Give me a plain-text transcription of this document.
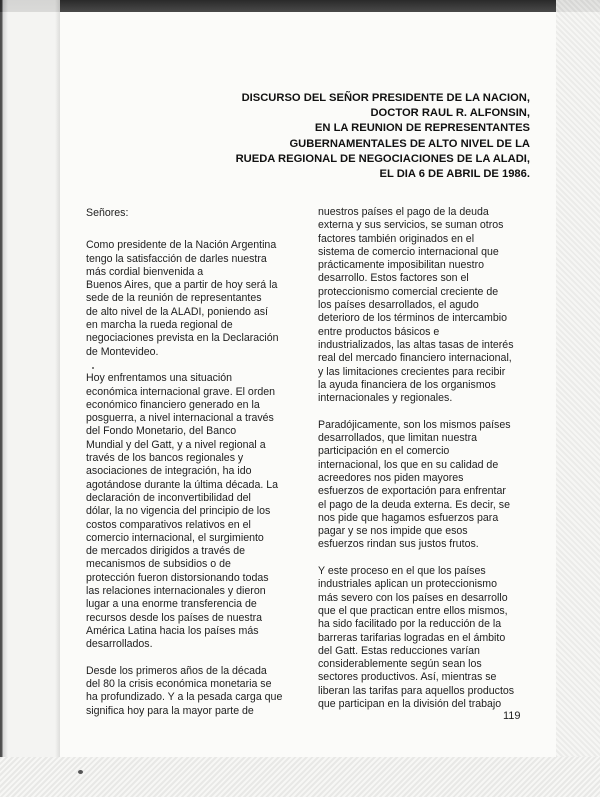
DISCURSO DEL SEÑOR PRESIDENTE DE LA NACION,
DOCTOR RAUL R. ALFONSIN,
EN LA REUNION DE REPRESENTANTES
GUBERNAMENTALES DE ALTO NIVEL DE LA
RUEDA REGIONAL DE NEGOCIACIONES DE LA ALADI,
EL DIA 6 DE ABRIL DE 1986.

Señores:

Como presidente de la Nación Argentina
tengo la satisfacción de darles nuestra
más cordial bienvenida a
Buenos Aires, que a partir de hoy será la
sede de la reunión de representantes
de alto nivel de la ALADI, poniendo así
en marcha la rueda regional de
negociaciones prevista en la Declaración
de Montevideo.

Hoy enfrentamos una situación
económica internacional grave. El orden
económico financiero generado en la
posguerra, a nivel internacional a través
del Fondo Monetario, del Banco
Mundial y del Gatt, y a nivel regional a
través de los bancos regionales y
asociaciones de integración, ha ido
agotándose durante la última década. La
declaración de inconvertibilidad del
dólar, la no vigencia del principio de los
costos comparativos relativos en el
comercio internacional, el surgimiento
de mercados dirigidos a través de
mecanismos de subsidios o de
protección fueron distorsionando todas
las relaciones internacionales y dieron
lugar a una enorme transferencia de
recursos desde los países de nuestra
América Latina hacia los países más
desarrollados.

Desde los primeros años de la década
del 80 la crisis económica monetaria se
ha profundizado. Y a la pesada carga que
significa hoy para la mayor parte de

nuestros países el pago de la deuda
externa y sus servicios, se suman otros
factores también originados en el
sistema de comercio internacional que
prácticamente imposibilitan nuestro
desarrollo. Estos factores son el
proteccionismo comercial creciente de
los países desarrollados, el agudo
deterioro de los términos de intercambio
entre productos básicos e
industrializados, las altas tasas de interés
real del mercado financiero internacional,
y las limitaciones crecientes para recibir
la ayuda financiera de los organismos
internacionales y regionales.

Paradójicamente, son los mismos países
desarrollados, que limitan nuestra
participación en el comercio
internacional, los que en su calidad de
acreedores nos piden mayores
esfuerzos de exportación para enfrentar
el pago de la deuda externa. Es decir, se
nos pide que hagamos esfuerzos para
pagar y se nos impide que esos
esfuerzos rindan sus justos frutos.

Y este proceso en el que los países
industriales aplican un proteccionismo
más severo con los países en desarrollo
que el que practican entre ellos mismos,
ha sido facilitado por la reducción de la
barreras tarifarias logradas en el ámbito
del Gatt. Estas reducciones varían
considerablemente según sean los
sectores productivos. Así, mientras se
liberan las tarifas para aquellos productos
que participan en la división del trabajo

119
